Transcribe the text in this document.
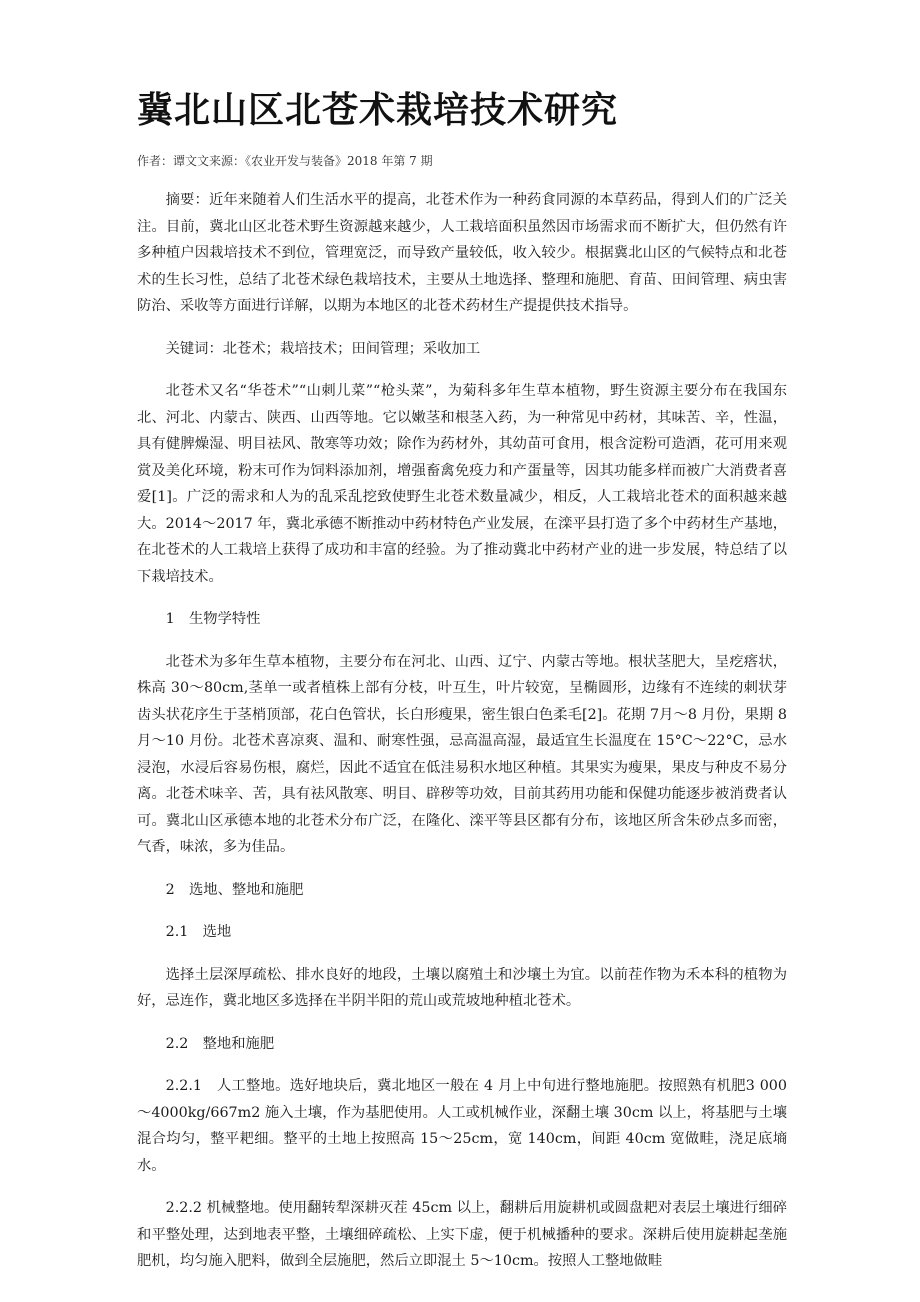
冀北山区北苍术栽培技术研究
作者：谭文文来源：《农业开发与装备》2018 年第 7 期

摘要：近年来随着人们生活水平的提高，北苍术作为一种药食同源的本草药品，得到人们的广泛关注。目前，冀北山区北苍术野生资源越来越少，人工栽培面积虽然因市场需求而不断扩大，但仍然有许多种植户因栽培技术不到位，管理宽泛，而导致产量较低，收入较少。根据冀北山区的气候特点和北苍术的生长习性，总结了北苍术绿色栽培技术，主要从土地选择、整理和施肥、育苗、田间管理、病虫害防治、采收等方面进行详解，以期为本地区的北苍术药材生产提提供技术指导。

关键词：北苍术；栽培技术；田间管理；采收加工

北苍术又名“华苍术”“山刺儿菜”“枪头菜”，为菊科多年生草本植物，野生资源主要分布在我国东北、河北、内蒙古、陕西、山西等地。它以嫩茎和根茎入药，为一种常见中药材，其味苦、辛，性温，具有健脾燥湿、明目祛风、散寒等功效；除作为药材外，其幼苗可食用，根含淀粉可造酒，花可用来观赏及美化环境，粉末可作为饲料添加剂，增强畜禽免疫力和产蛋量等，因其功能多样而被广大消费者喜爱[1]。广泛的需求和人为的乱采乱挖致使野生北苍术数量减少，相反，人工栽培北苍术的面积越来越大。2014～2017 年，冀北承德不断推动中药材特色产业发展，在滦平县打造了多个中药材生产基地，在北苍术的人工栽培上获得了成功和丰富的经验。为了推动冀北中药材产业的进一步发展，特总结了以下栽培技术。

1　生物学特性

北苍术为多年生草本植物，主要分布在河北、山西、辽宁、内蒙古等地。根状茎肥大，呈疙瘩状，株高 30～80cm,茎单一或者植株上部有分枝，叶互生，叶片较宽，呈椭圆形，边缘有不连续的刺状芽齿头状花序生于茎梢顶部，花白色管状，长白形瘦果，密生银白色柔毛[2]。花期 7月～8 月份，果期 8 月～10 月份。北苍术喜凉爽、温和、耐寒性强，忌高温高湿，最适宜生长温度在 15°C～22°C，忌水浸泡，水浸后容易伤根，腐烂，因此不适宜在低洼易积水地区种植。其果实为瘦果，果皮与种皮不易分离。北苍术味辛、苦，具有祛风散寒、明目、辟秽等功效，目前其药用功能和保健功能逐步被消费者认可。冀北山区承德本地的北苍术分布广泛，在隆化、滦平等县区都有分布，该地区所含朱砂点多而密，气香，味浓，多为佳品。

2　选地、整地和施肥

2.1　选地

选择土层深厚疏松、排水良好的地段，土壤以腐殖土和沙壤土为宜。以前茬作物为禾本科的植物为好，忌连作，冀北地区多选择在半阴半阳的荒山或荒坡地种植北苍术。

2.2　整地和施肥

2.2.1　人工整地。选好地块后，冀北地区一般在 4 月上中旬进行整地施肥。按照熟有机肥3 000～4000kg/667m2 施入土壤，作为基肥使用。人工或机械作业，深翻土壤 30cm 以上，将基肥与土壤混合均匀，整平耙细。整平的土地上按照高 15～25cm，宽 140cm，间距 40cm 宽做畦，浇足底墒水。

2.2.2 机械整地。使用翻转犁深耕灭茬 45cm 以上，翻耕后用旋耕机或圆盘耙对表层土壤进行细碎和平整处理，达到地表平整，土壤细碎疏松、上实下虚，便于机械播种的要求。深耕后使用旋耕起垄施肥机，均匀施入肥料，做到全层施肥，然后立即混土 5～10cm。按照人工整地做畦
